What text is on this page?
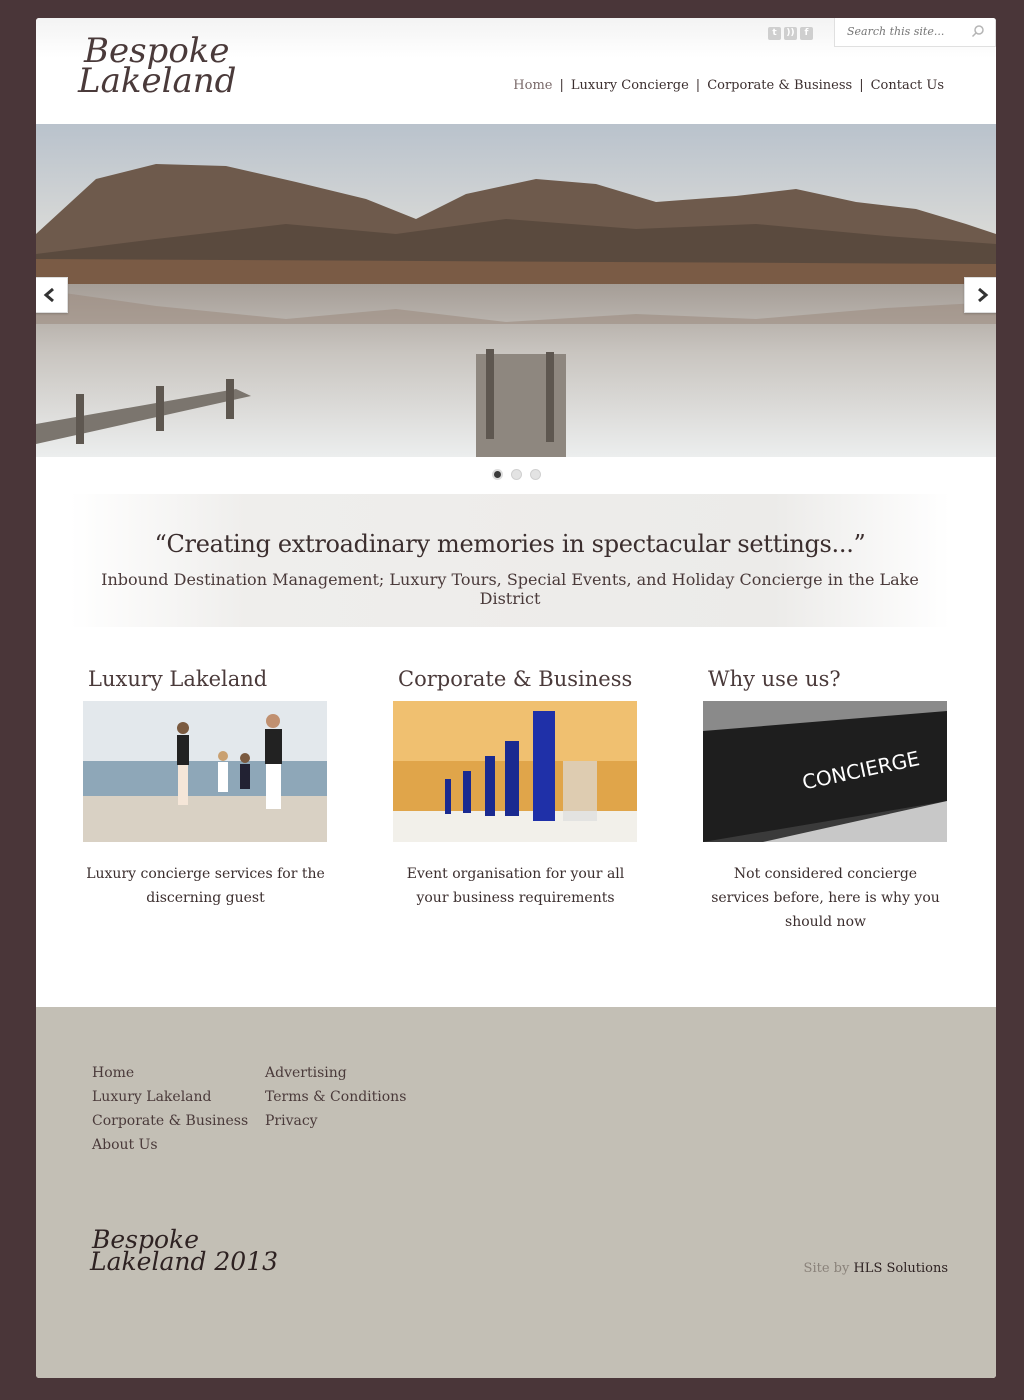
Bespoke
Lakeland
t	))	f
Search this site...
Home | Luxury Concierge | Corporate & Business | Contact Us
“Creating extroadinary memories in spectacular settings...”

Inbound Destination Management; Luxury Tours, Special Events, and Holiday Concierge in the Lake District

Luxury Lakeland

Luxury concierge services for the discerning guest

Corporate & Business

Event organisation for your all your business requirements

Why use us?
CONCIERGE

Not considered concierge services before, here is why you should now

Home
Luxury Lakeland
Corporate & Business
About Us
Advertising
Terms & Conditions
Privacy
Bespoke
Lakeland 2013	Site by HLS Solutions
